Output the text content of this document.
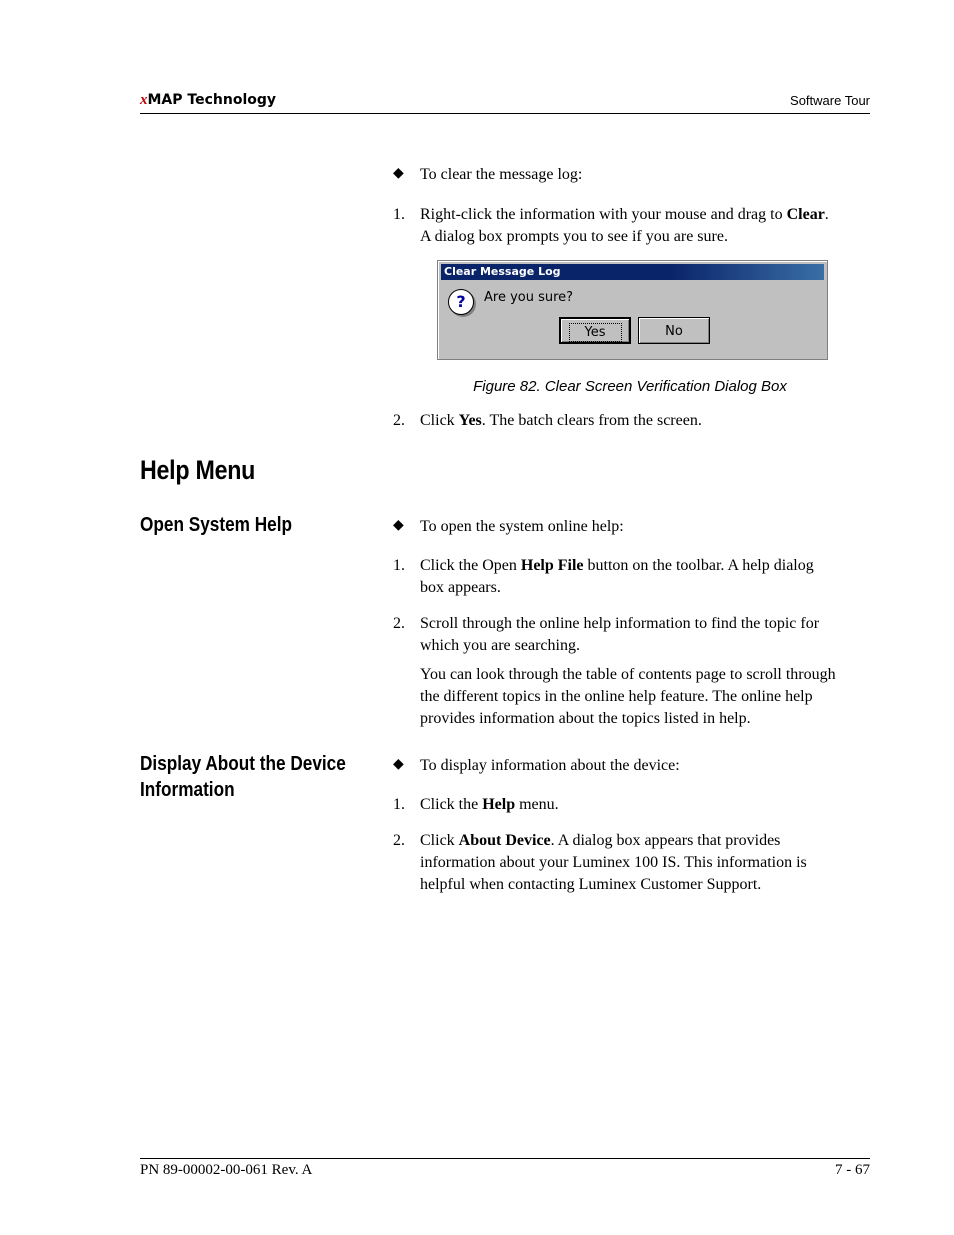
xMAP Technology	Software Tour
◆ To clear the message log:
1. Right-click the information with your mouse and drag to Clear.
A dialog box prompts you to see if you are sure.
Clear Message Log
?	Are you sure?
Yes	No
Figure 82. Clear Screen Verification Dialog Box
2. Click Yes. The batch clears from the screen.
Help Menu
Open System Help	◆ To open the system online help:
1. Click the Open Help File button on the toolbar. A help dialog
box appears.
2. Scroll through the online help information to find the topic for
which you are searching.
You can look through the table of contents page to scroll through
the different topics in the online help feature. The online help
provides information about the topics listed in help.
Display About the Device
Information
◆ To display information about the device:
1. Click the Help menu.
2. Click About Device. A dialog box appears that provides
information about your Luminex 100 IS. This information is
helpful when contacting Luminex Customer Support.
PN 89-00002-00-061 Rev. A	7 - 67
